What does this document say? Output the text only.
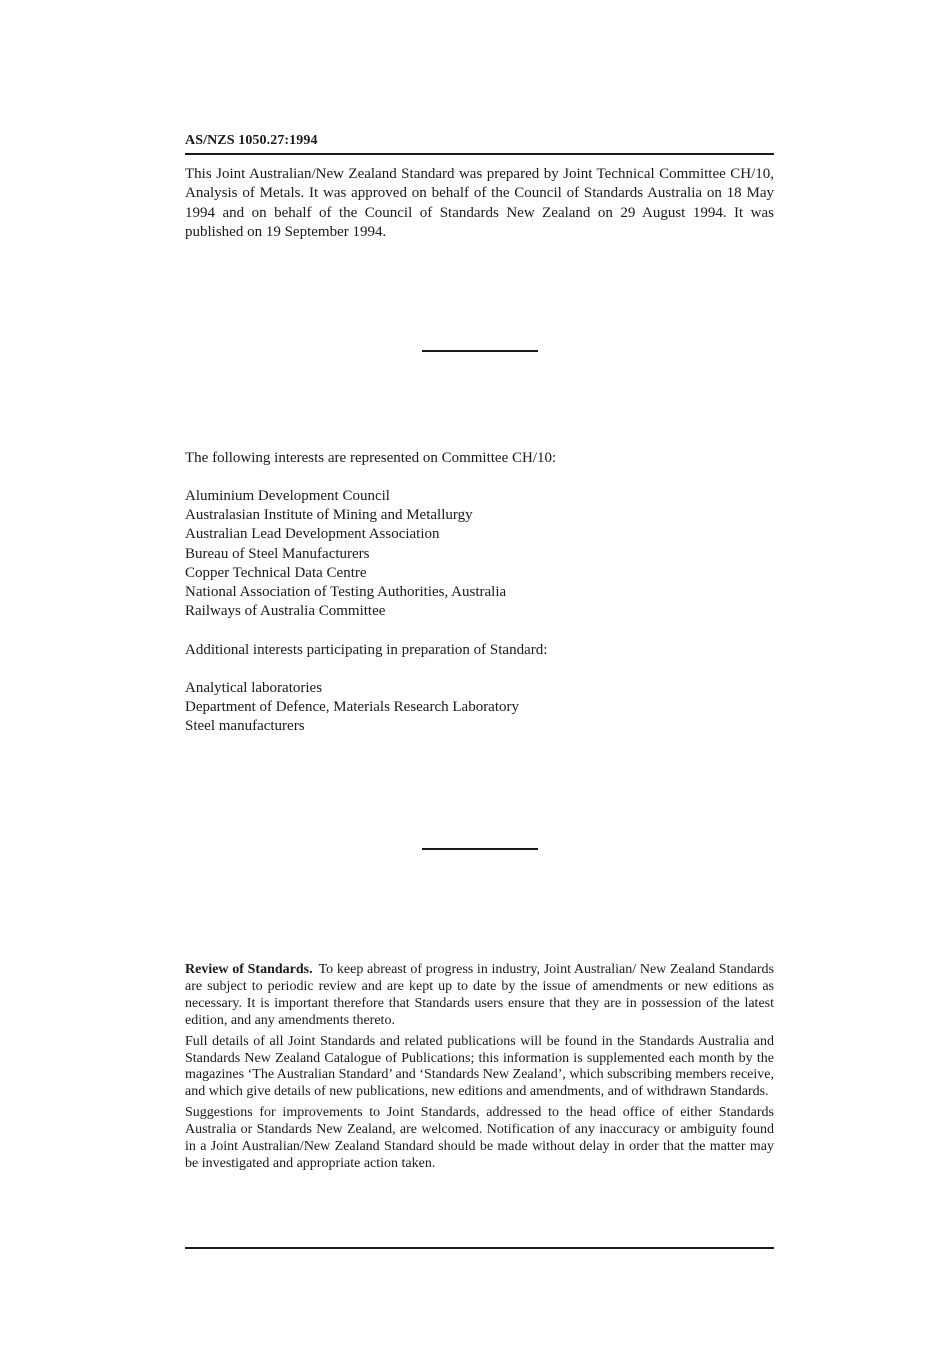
AS/NZS 1050.27:1994

This Joint Australian/New Zealand Standard was prepared by Joint Technical Committee CH/10, Analysis of Metals. It was approved on behalf of the Council of Standards Australia on 18 May 1994 and on behalf of the Council of Standards New Zealand on 29 August 1994. It was published on 19 September 1994.

The following interests are represented on Committee CH/10:

Aluminium Development Council
Australasian Institute of Mining and Metallurgy
Australian Lead Development Association
Bureau of Steel Manufacturers
Copper Technical Data Centre
National Association of Testing Authorities, Australia
Railways of Australia Committee

Additional interests participating in preparation of Standard:

Analytical laboratories
Department of Defence, Materials Research Laboratory
Steel manufacturers

Review of Standards. To keep abreast of progress in industry, Joint Australian/ New Zealand Standards are subject to periodic review and are kept up to date by the issue of amendments or new editions as necessary. It is important therefore that Standards users ensure that they are in possession of the latest edition, and any amendments thereto.

Full details of all Joint Standards and related publications will be found in the Standards Australia and Standards New Zealand Catalogue of Publications; this information is supplemented each month by the magazines ‘The Australian Standard’ and ‘Standards New Zealand’, which subscribing members receive, and which give details of new publications, new editions and amendments, and of withdrawn Standards.

Suggestions for improvements to Joint Standards, addressed to the head office of either Standards Australia or Standards New Zealand, are welcomed. Notification of any inaccuracy or ambiguity found in a Joint Australian/New Zealand Standard should be made without delay in order that the matter may be investigated and appropriate action taken.
